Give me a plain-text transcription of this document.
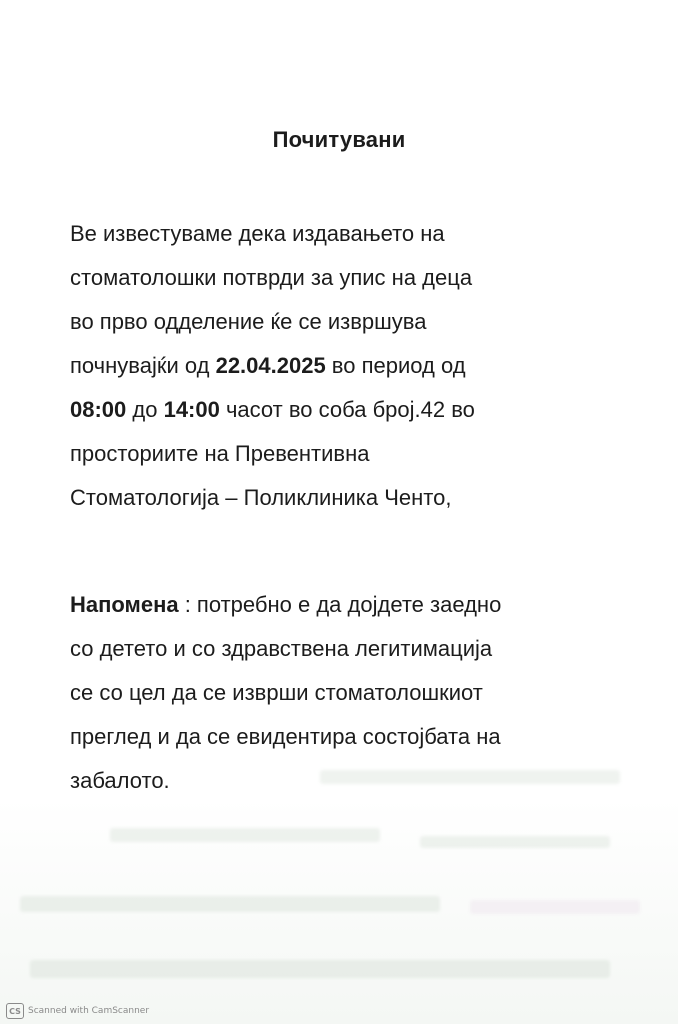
Почитувани
Ве известуваме дека издавањето на
стоматолошки потврди за упис на деца
во прво одделение ќе се извршува
почнувајќи од 22.04.2025 во период од
08:00 до 14:00 часот во соба број.42 во
просториите на Превентивна
Стоматологија – Поликлиника Ченто,
Напомена : потребно е да дојдете заедно
со детето и со здравствена легитимација
се со цел да се изврши стоматолошкиот
преглед и да се евидентира состојбата на
забалото.
CS Scanned with CamScanner
